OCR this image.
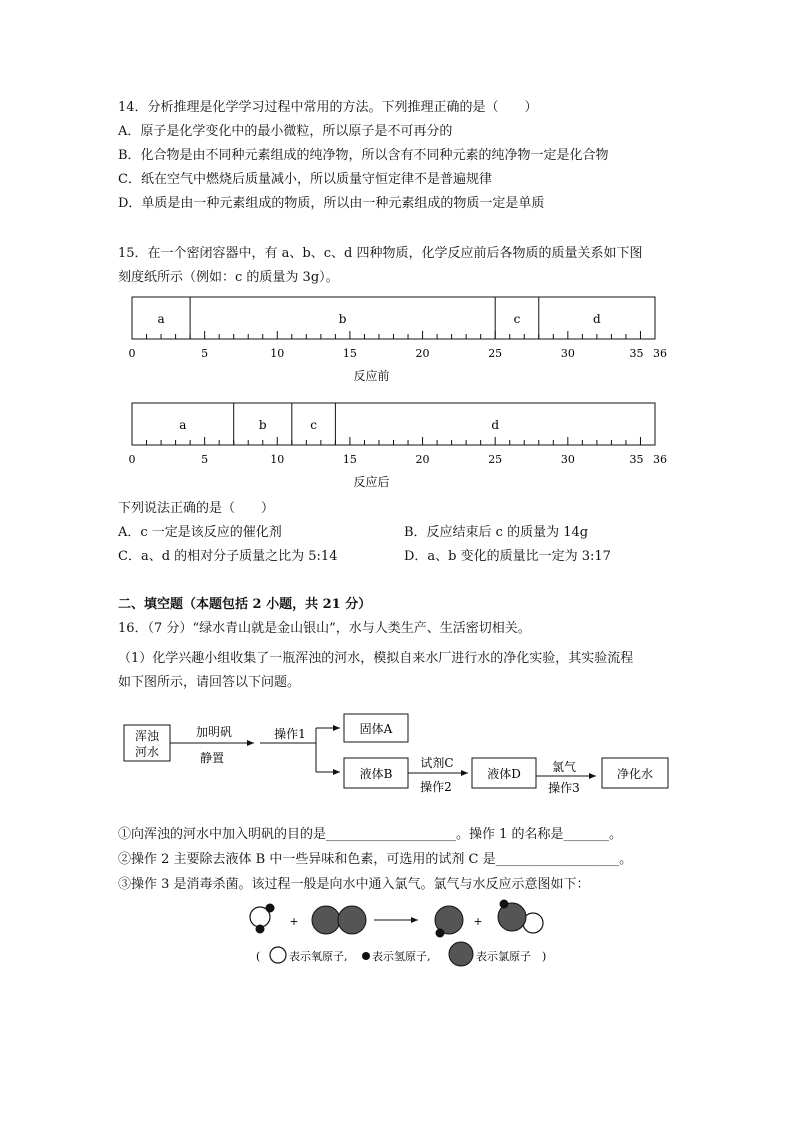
14．分析推理是化学学习过程中常用的方法。下列推理正确的是（　　）
A．原子是化学变化中的最小微粒，所以原子是不可再分的
B．化合物是由不同种元素组成的纯净物，所以含有不同种元素的纯净物一定是化合物
C．纸在空气中燃烧后质量减小，所以质量守恒定律不是普遍规律
D．单质是由一种元素组成的物质，所以由一种元素组成的物质一定是单质
15．在一个密闭容器中，有 a、b、c、d 四种物质，化学反应前后各物质的质量关系如下图
刻度纸所示（例如：c 的质量为 3g）。
a	b	c	d
0	5	10	15	20	25	30	35 36
反应前
a	b	c	d
0	5	10	15	20	25	30	35 36
反应后
下列说法正确的是（　　）
A．c 一定是该反应的催化剂	B．反应结束后 c 的质量为 14g
C．a、d 的相对分子质量之比为 5:14	D．a、b 变化的质量比一定为 3:17
二、填空题（本题包括 2 小题，共 21 分）
16．（7 分）“绿水青山就是金山银山”，水与人类生产、生活密切相关。
（1）化学兴趣小组收集了一瓶浑浊的河水，模拟自来水厂进行水的净化实验，其实验流程
如下图所示，请回答以下问题。
浑浊
河水
加明矾
静置
操作1	固体A
液体B
试剂C
操作2
液体D	氯气
操作3
净化水
①向浑浊的河水中加入明矾的目的是____________________。操作 1 的名称是_______。
②操作 2 主要除去液体 B 中一些异味和色素，可选用的试剂 C 是___________________。
③操作 3 是消毒杀菌。该过程一般是向水中通入氯气。氯气与水反应示意图如下：
+	+
(	表示氧原子, 表示氢原子,	表示氯原子 )
